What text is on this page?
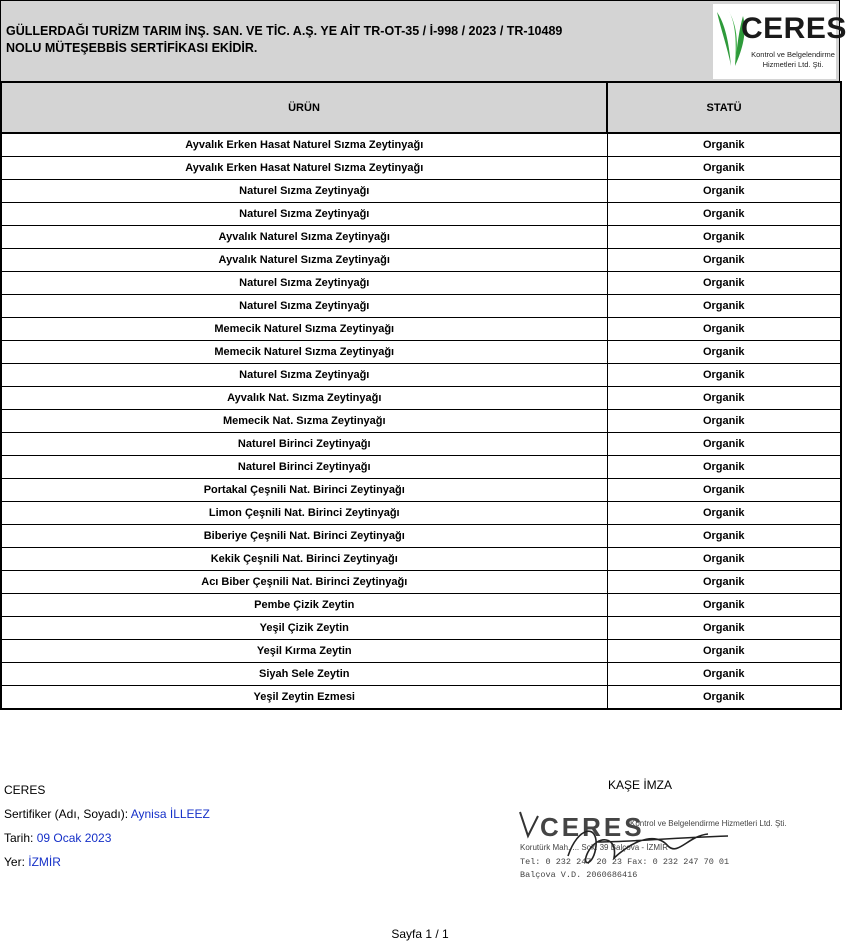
GÜLLERDAĞI TURİZM TARIM İNŞ. SAN. VE TİC. A.Ş. YE AİT TR-OT-35 / İ-998 / 2023 / TR-10489
NOLU MÜTEŞEBBİS SERTİFİKASI EKİDİR.
CERES
Kontrol ve Belgelendirme Hizmetleri Ltd. Şti.
ÜRÜN	STATÜ
Ayvalık Erken Hasat Naturel Sızma Zeytinyağı	Organik
Ayvalık Erken Hasat Naturel Sızma Zeytinyağı	Organik
Naturel Sızma Zeytinyağı	Organik
Naturel Sızma Zeytinyağı	Organik
Ayvalık Naturel Sızma Zeytinyağı	Organik
Ayvalık Naturel Sızma Zeytinyağı	Organik
Naturel Sızma Zeytinyağı	Organik
Naturel Sızma Zeytinyağı	Organik
Memecik Naturel Sızma Zeytinyağı	Organik
Memecik Naturel Sızma Zeytinyağı	Organik
Naturel Sızma Zeytinyağı	Organik
Ayvalık Nat. Sızma Zeytinyağı	Organik
Memecik Nat. Sızma Zeytinyağı	Organik
Naturel Birinci Zeytinyağı	Organik
Naturel Birinci Zeytinyağı	Organik
Portakal Çeşnili Nat. Birinci Zeytinyağı	Organik
Limon Çeşnili Nat. Birinci Zeytinyağı	Organik
Biberiye Çeşnili Nat. Birinci Zeytinyağı	Organik
Kekik Çeşnili Nat. Birinci Zeytinyağı	Organik
Acı Biber Çeşnili Nat. Birinci Zeytinyağı	Organik
Pembe Çizik Zeytin	Organik
Yeşil Çizik Zeytin	Organik
Yeşil Kırma Zeytin	Organik
Siyah Sele Zeytin	Organik
Yeşil Zeytin Ezmesi	Organik
CERES
Sertifiker (Adı, Soyadı): Aynisa İLLEEZ
Tarih: 09 Ocak 2023
Yer: İZMİR
KAŞE İMZA
CERES
Kontrol ve Belgelendirme Hizmetleri Ltd. Şti.
Korutürk Mah. ... Sok. 39 Balçova - İZMİR
Tel: 0 232 247 20 23 Fax: 0 232 247 70 01
Balçova V.D. 2060686416
Sayfa 1 / 1
